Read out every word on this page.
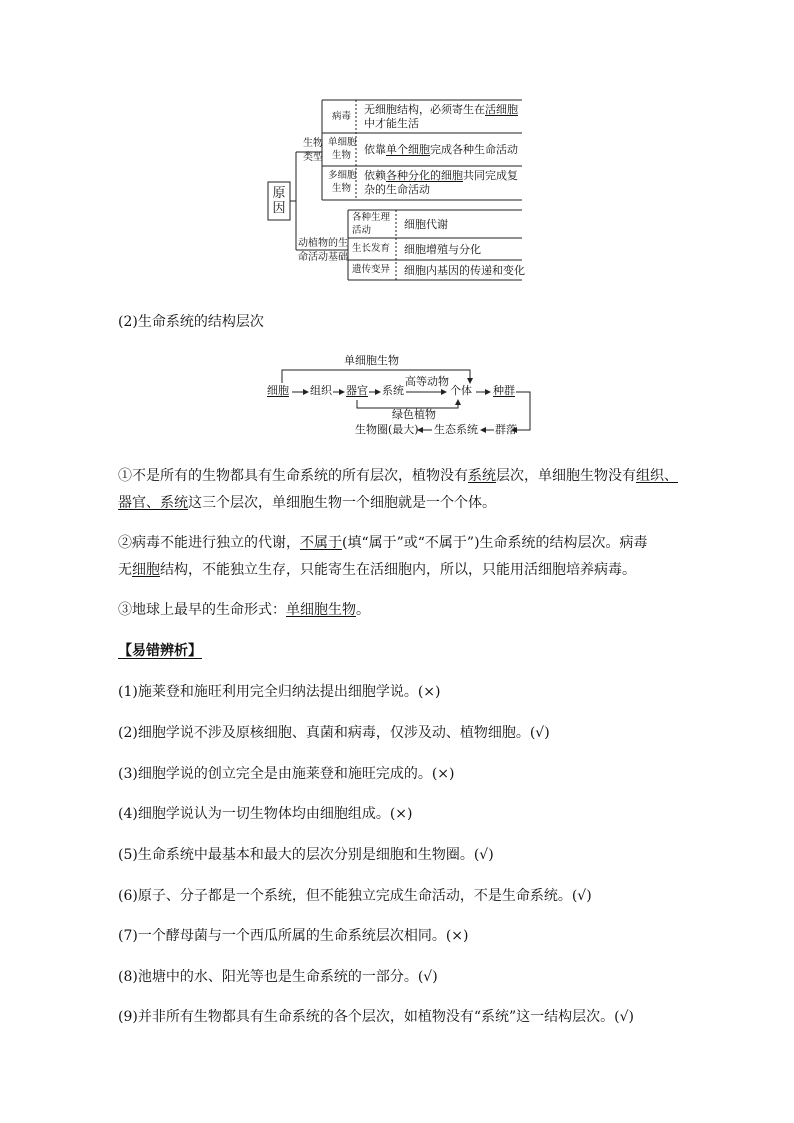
原因
生物
类型
动植物的生
命活动基础
病毒
无细胞结构，必须寄生在活细胞
中才能生活
单细胞
生物 依靠单个细胞完成各种生命活动
多细胞
生物
依赖各种分化的细胞共同完成复
杂的生命活动
各种生理
活动	细胞代谢
生长发育 细胞增殖与分化
遗传变异 细胞内基因的传递和变化
(2)生命系统的结构层次
单细胞生物
细胞 组织 器官 系统
高等动物
个体 种群
绿色植物
生物圈(最大) 生态系统 群落
①不是所有的生物都具有生命系统的所有层次，植物没有系统层次，单细胞生物没有组织、
器官、系统这三个层次，单细胞生物一个细胞就是一个个体。
②病毒不能进行独立的代谢，不属于(填“属于”或“不属于”)生命系统的结构层次。病毒
无细胞结构，不能独立生存，只能寄生在活细胞内，所以，只能用活细胞培养病毒。
③地球上最早的生命形式：单细胞生物。
【易错辨析】
(1)施莱登和施旺利用完全归纳法提出细胞学说。(×)
(2)细胞学说不涉及原核细胞、真菌和病毒，仅涉及动、植物细胞。(√)
(3)细胞学说的创立完全是由施莱登和施旺完成的。(×)
(4)细胞学说认为一切生物体均由细胞组成。(×)
(5)生命系统中最基本和最大的层次分别是细胞和生物圈。(√)
(6)原子、分子都是一个系统，但不能独立完成生命活动，不是生命系统。(√)
(7)一个酵母菌与一个西瓜所属的生命系统层次相同。(×)
(8)池塘中的水、阳光等也是生命系统的一部分。(√)
(9)并非所有生物都具有生命系统的各个层次，如植物没有“系统”这一结构层次。(√)
